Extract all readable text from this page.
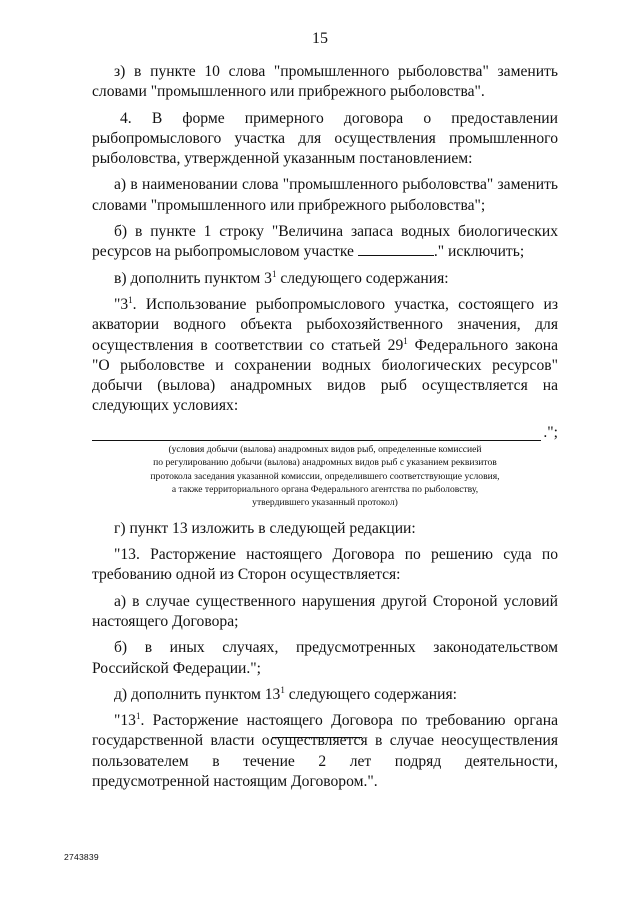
15

з) в пункте 10 слова "промышленного рыболовства" заменить словами "промышленного или прибрежного рыболовства".

4. В форме примерного договора о предоставлении рыбопромыслового участка для осуществления промышленного рыболовства, утвержденной указанным постановлением:

а) в наименовании слова "промышленного рыболовства" заменить словами "промышленного или прибрежного рыболовства";

б) в пункте 1 строку "Величина запаса водных биологических ресурсов на рыбопромысловом участке	." исключить;

в) дополнить пунктом $3^1$ следующего содержания:

"$3^1$. Использование рыбопромыслового участка, состоящего из акватории водного объекта рыбохозяйственного значения, для осуществления в соответствии со статьей $29^1$ Федерального закона "О рыболовстве и сохранении водных биологических ресурсов" добычи (вылова) анадромных видов рыб осуществляется на следующих условиях:

.";
(условия добычи (вылова) анадромных видов рыб, определенные комиссией
по регулированию добычи (вылова) анадромных видов рыб с указанием реквизитов
протокола заседания указанной комиссии, определившего соответствующие условия,
а также территориального органа Федерального агентства по рыболовству,
утвердившего указанный протокол)

г) пункт 13 изложить в следующей редакции:

"13. Расторжение настоящего Договора по решению суда по требованию одной из Сторон осуществляется:

а) в случае существенного нарушения другой Стороной условий настоящего Договора;

б) в иных случаях, предусмотренных законодательством Российской Федерации.";

д) дополнить пунктом $13^1$ следующего содержания:

"$13^1$. Расторжение настоящего Договора по требованию органа государственной власти осуществляется в случае неосуществления пользователем в течение 2 лет подряд деятельности, предусмотренной настоящим Договором.".

2743839
